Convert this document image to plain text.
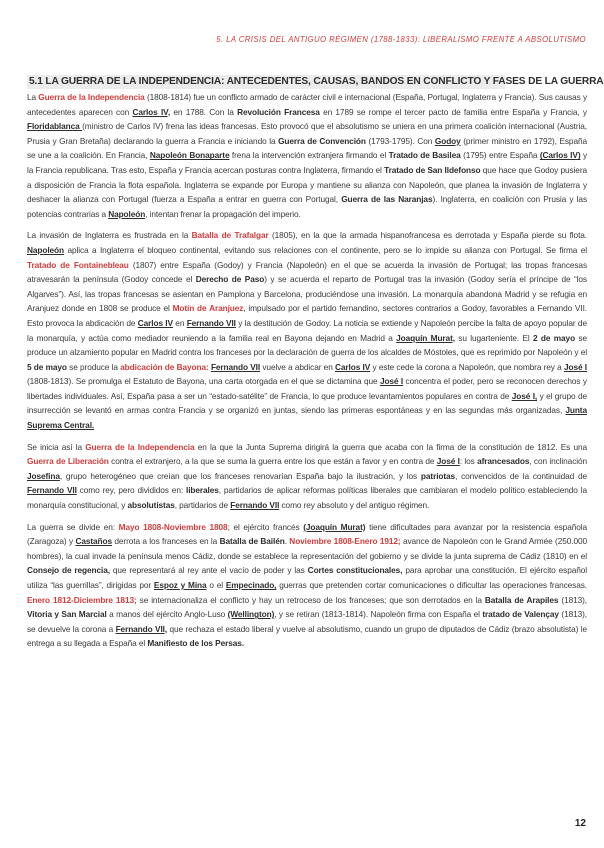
5. LA CRISIS DEL ANTIGUO RÉGIMEN (1788-1833): LIBERALISMO FRENTE A ABSOLUTISMO
5.1 LA GUERRA DE LA INDEPENDENCIA: ANTECEDENTES, CAUSAS, BANDOS EN CONFLICTO Y FASES DE LA GUERRA

La Guerra de la Independencia (1808-1814) fue un conflicto armado de carácter civil e internacional (España, Portugal, Inglaterra y Francia). Sus causas y antecedentes aparecen con Carlos IV, en 1788. Con la Revolución Francesa en 1789 se rompe el tercer pacto de familia entre España y Francia, y Floridablanca (ministro de Carlos IV) frena las ideas francesas. Esto provocó que el absolutismo se uniera en una primera coalición internacional (Austria, Prusia y Gran Bretaña) declarando la guerra a Francia e iniciando la Guerra de Convención (1793-1795). Con Godoy (primer ministro en 1792), España se une a la coalición. En Francia, Napoleón Bonaparte frena la intervención extranjera firmando el Tratado de Basilea (1795) entre España (Carlos IV) y la Francia republicana. Tras esto, España y Francia acercan posturas contra Inglaterra, firmando el Tratado de San Ildefonso que hace que Godoy pusiera a disposición de Francia la flota española. Inglaterra se expande por Europa y mantiene su alianza con Napoleón, que planea la invasión de Inglaterra y deshacer la alianza con Portugal (fuerza a España a entrar en guerra con Portugal, Guerra de las Naranjas). Inglaterra, en coalición con Prusia y las potencias contrarias a Napoleón, intentan frenar la propagación del imperio.

La invasión de Inglaterra es frustrada en la Batalla de Trafalgar (1805), en la que la armada hispanofrancesa es derrotada y España pierde su flota. Napoleón aplica a Inglaterra el bloqueo continental, evitando sus relaciones con el continente, pero se lo impide su alianza con Portugal. Se firma el Tratado de Fontainebleau (1807) entre España (Godoy) y Francia (Napoleón) en el que se acuerda la invasión de Portugal; las tropas francesas atravesarán la península (Godoy concede el Derecho de Paso) y se acuerda el reparto de Portugal tras la invasión (Godoy sería el príncipe de “los Algarves”). Así, las tropas francesas se asientan en Pamplona y Barcelona, produciéndose una invasión. La monarquía abandona Madrid y se refugia en Aranjuez donde en 1808 se produce el Motín de Aranjuez, impulsado por el partido fernandino, sectores contrarios a Godoy, favorables a Fernando VII. Esto provoca la abdicación de Carlos IV en Fernando VII y la destitución de Godoy. La noticia se extiende y Napoleón percibe la falta de apoyo popular de la monarquía, y actúa como mediador reuniendo a la familia real en Bayona dejando en Madrid a Joaquín Murat, su lugarteniente. El 2 de mayo se produce un alzamiento popular en Madrid contra los franceses por la declaración de guerra de los alcaldes de Móstoles, que es reprimido por Napoleón y el 5 de mayo se produce la abdicación de Bayona: Fernando VII vuelve a abdicar en Carlos IV y este cede la corona a Napoleón, que nombra rey a José I (1808-1813). Se promulga el Estatuto de Bayona, una carta otorgada en el que se dictamina que José I concentra el poder, pero se reconocen derechos y libertades individuales. Así, España pasa a ser un “estado-satélite” de Francia, lo que produce levantamientos populares en contra de José I, y el grupo de insurrección se levantó en armas contra Francia y se organizó en juntas, siendo las primeras espontáneas y en las segundas más organizadas, Junta Suprema Central.

Se inicia así la Guerra de la Independencia en la que la Junta Suprema dirigirá la guerra que acaba con la firma de la constitución de 1812. Es una Guerra de Liberación contra el extranjero, a la que se suma la guerra entre los que están a favor y en contra de José I: los afrancesados, con inclinación Josefina, grupo heterogéneo que creían que los franceses renovarían España bajo la ilustración, y los patriotas, convencidos de la continuidad de Fernando VII como rey, pero divididos en: liberales, partidarios de aplicar reformas políticas liberales que cambiaran el modelo político estableciendo la monarquía constitucional, y absolutistas, partidarios de Fernando VII como rey absoluto y del antiguo régimen.

La guerra se divide en: Mayo 1808-Noviembre 1808; el ejército francés (Joaquín Murat) tiene dificultades para avanzar por la resistencia española (Zaragoza) y Castaños derrota a los franceses en la Batalla de Bailén. Noviembre 1808-Enero 1912; avance de Napoleón con le Grand Armée (250.000 hombres), la cual invade la península menos Cádiz, donde se establece la representación del gobierno y se divide la junta suprema de Cádiz (1810) en el Consejo de regencia, que representará al rey ante el vacío de poder y las Cortes constitucionales, para aprobar una constitución. El ejército español utiliza “las guerrillas”, dirigidas por Espoz y Mina o el Empecinado, guerras que pretenden cortar comunicaciones o dificultar las operaciones francesas. Enero 1812-Diciembre 1813; se internacionaliza el conflicto y hay un retroceso de los franceses; que son derrotados en la Batalla de Arapiles (1813), Vitoria y San Marcial a manos del ejército Anglo-Luso (Wellington), y se retiran (1813-1814). Napoleón firma con España el tratado de Valençay (1813), se devuelve la corona a Fernando VII, que rechaza el estado liberal y vuelve al absolutismo, cuando un grupo de diputados de Cádiz (brazo absolutista) le entrega a su llegada a España el Manifiesto de los Persas.

12
